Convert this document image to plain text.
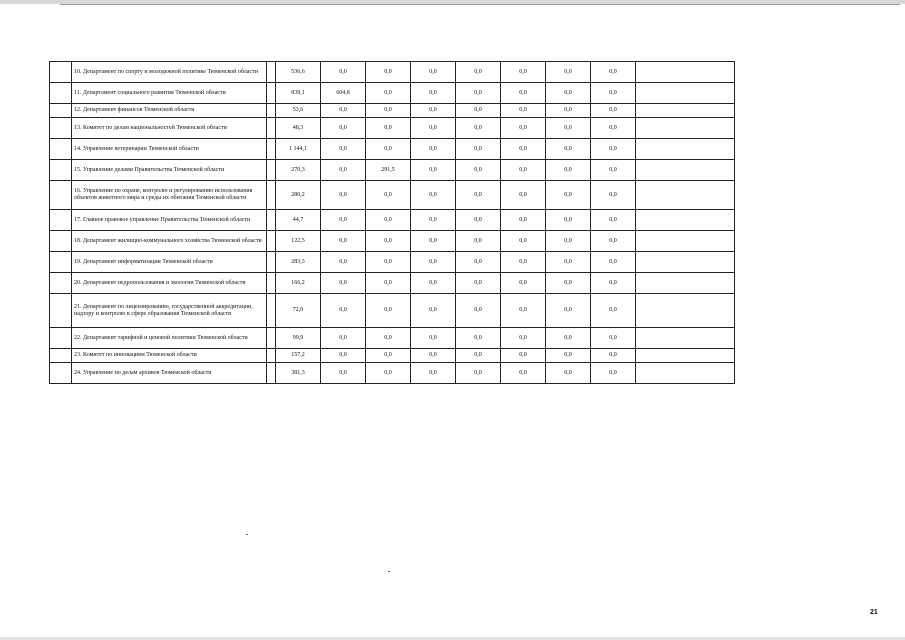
	10. Департамент по спорту и молодежной политике Тюменской области		536,6	0,0	0,0	0,0	0,0	0,0	0,0	0,0	
	11. Департамент социального развития Тюменской области		839,1	604,8	0,0	0,0	0,0	0,0	0,0	0,0	
	12. Департамент финансов Тюменской области		53,6	0,0	0,0	0,0	0,0	0,0	0,0	0,0	
	13. Комитет по делам национальностей Тюменской области		48,3	0,0	0,0	0,0	0,0	0,0	0,0	0,0	
	14. Управление ветеринарии Тюменской области		1 144,1	0,0	0,0	0,0	0,0	0,0	0,0	0,0	
	15. Управление делами Правительства Тюменской области		270,3	0,0	291,5	0,0	0,0	0,0	0,0	0,0	
	16. Управление по охране, контролю и регулированию использования объектов животного мира и среды их обитания Тюменской области		280,2	0,0	0,0	0,0	0,0	0,0	0,0	0,0	
	17. Главное правовое управление Правительства Тюменской области		44,7	0,0	0,0	0,0	0,0	0,0	0,0	0,0	
	18. Департамент жилищно-коммунального хозяйства Тюменской области		122,5	0,0	0,0	0,0	0,0	0,0	0,0	0,0	
	19. Департамент информатизации Тюменской области		283,3	0,0	0,0	0,0	0,0	0,0	0,0	0,0	
	20. Департамент недропользования и экологии Тюменской области		166,2	0,0	0,0	0,0	0,0	0,0	0,0	0,0	
	21. Департамент по лицензированию, государственной аккредитации, надзору и контролю в сфере образования Тюменской области		72,0	0,0	0,0	0,0	0,0	0,0	0,0	0,0	
	22. Департамент тарифной и ценовой политики Тюменской области		99,9	0,0	0,0	0,0	0,0	0,0	0,0	0,0	
	23. Комитет по инновациям Тюменской области		157,2	0,0	0,0	0,0	0,0	0,0	0,0	0,0	
	24. Управление по делам архивов Тюменской области		381,3	0,0	0,0	0,0	0,0	0,0	0,0	0,0	
21
